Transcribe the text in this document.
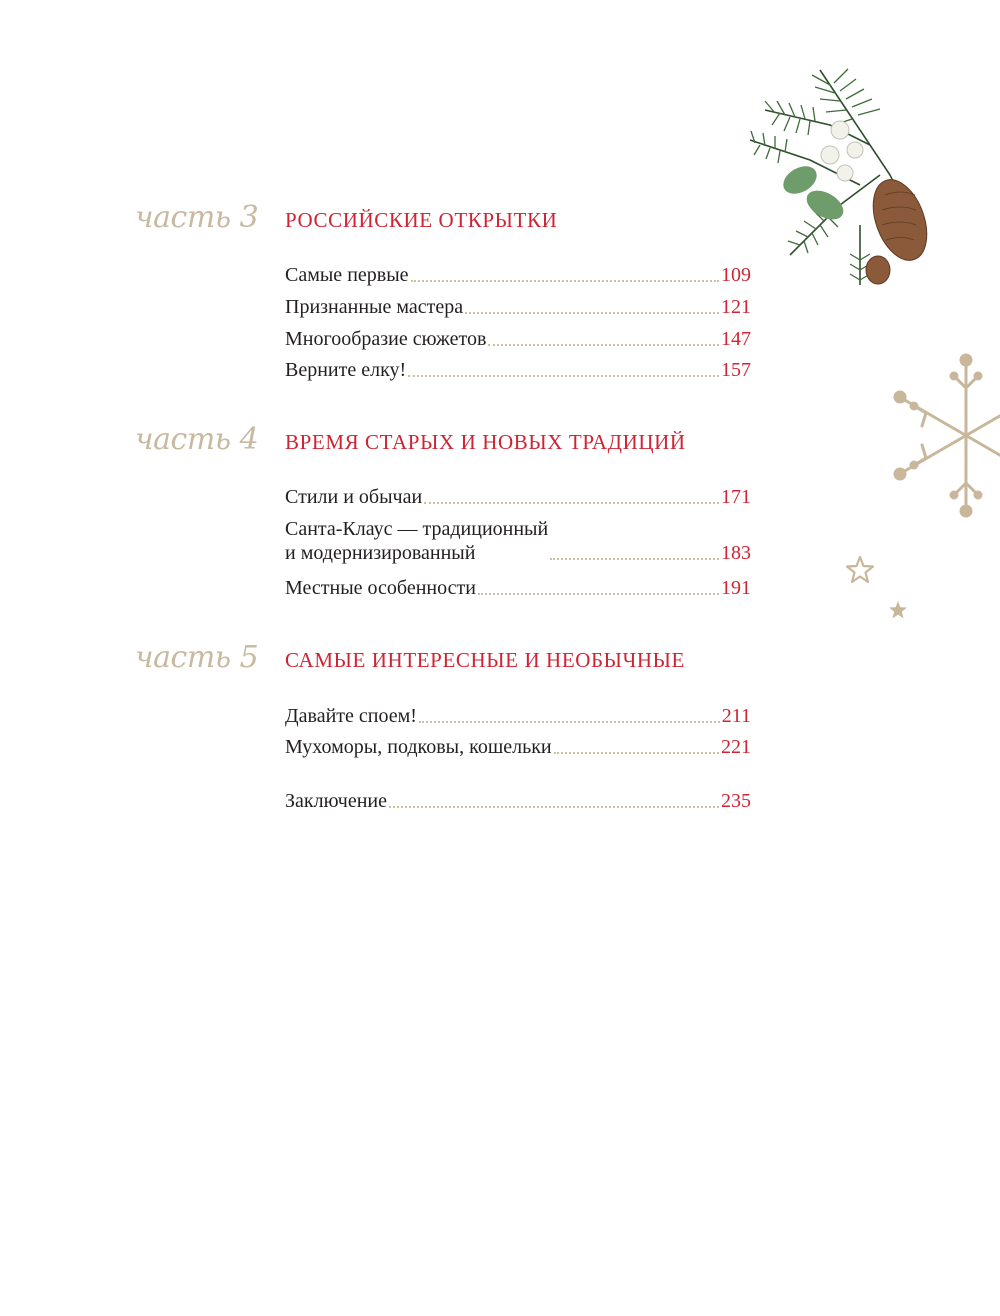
часть 3 РОССИЙСКИЕ ОТКРЫТКИ
Самые первые	109
Признанные мастера	121
Многообразие сюжетов	147
Верните елку!	157
часть 4 ВРЕМЯ СТАРЫХ И НОВЫХ ТРАДИЦИЙ
Стили и обычаи	171
Санта-Клаус — традиционный
и модернизированный	183
Местные особенности	191
часть 5 САМЫЕ ИНТЕРЕСНЫЕ И НЕОБЫЧНЫЕ
Давайте споем!	211
Мухоморы, подковы, кошельки	221
Заключение	235
